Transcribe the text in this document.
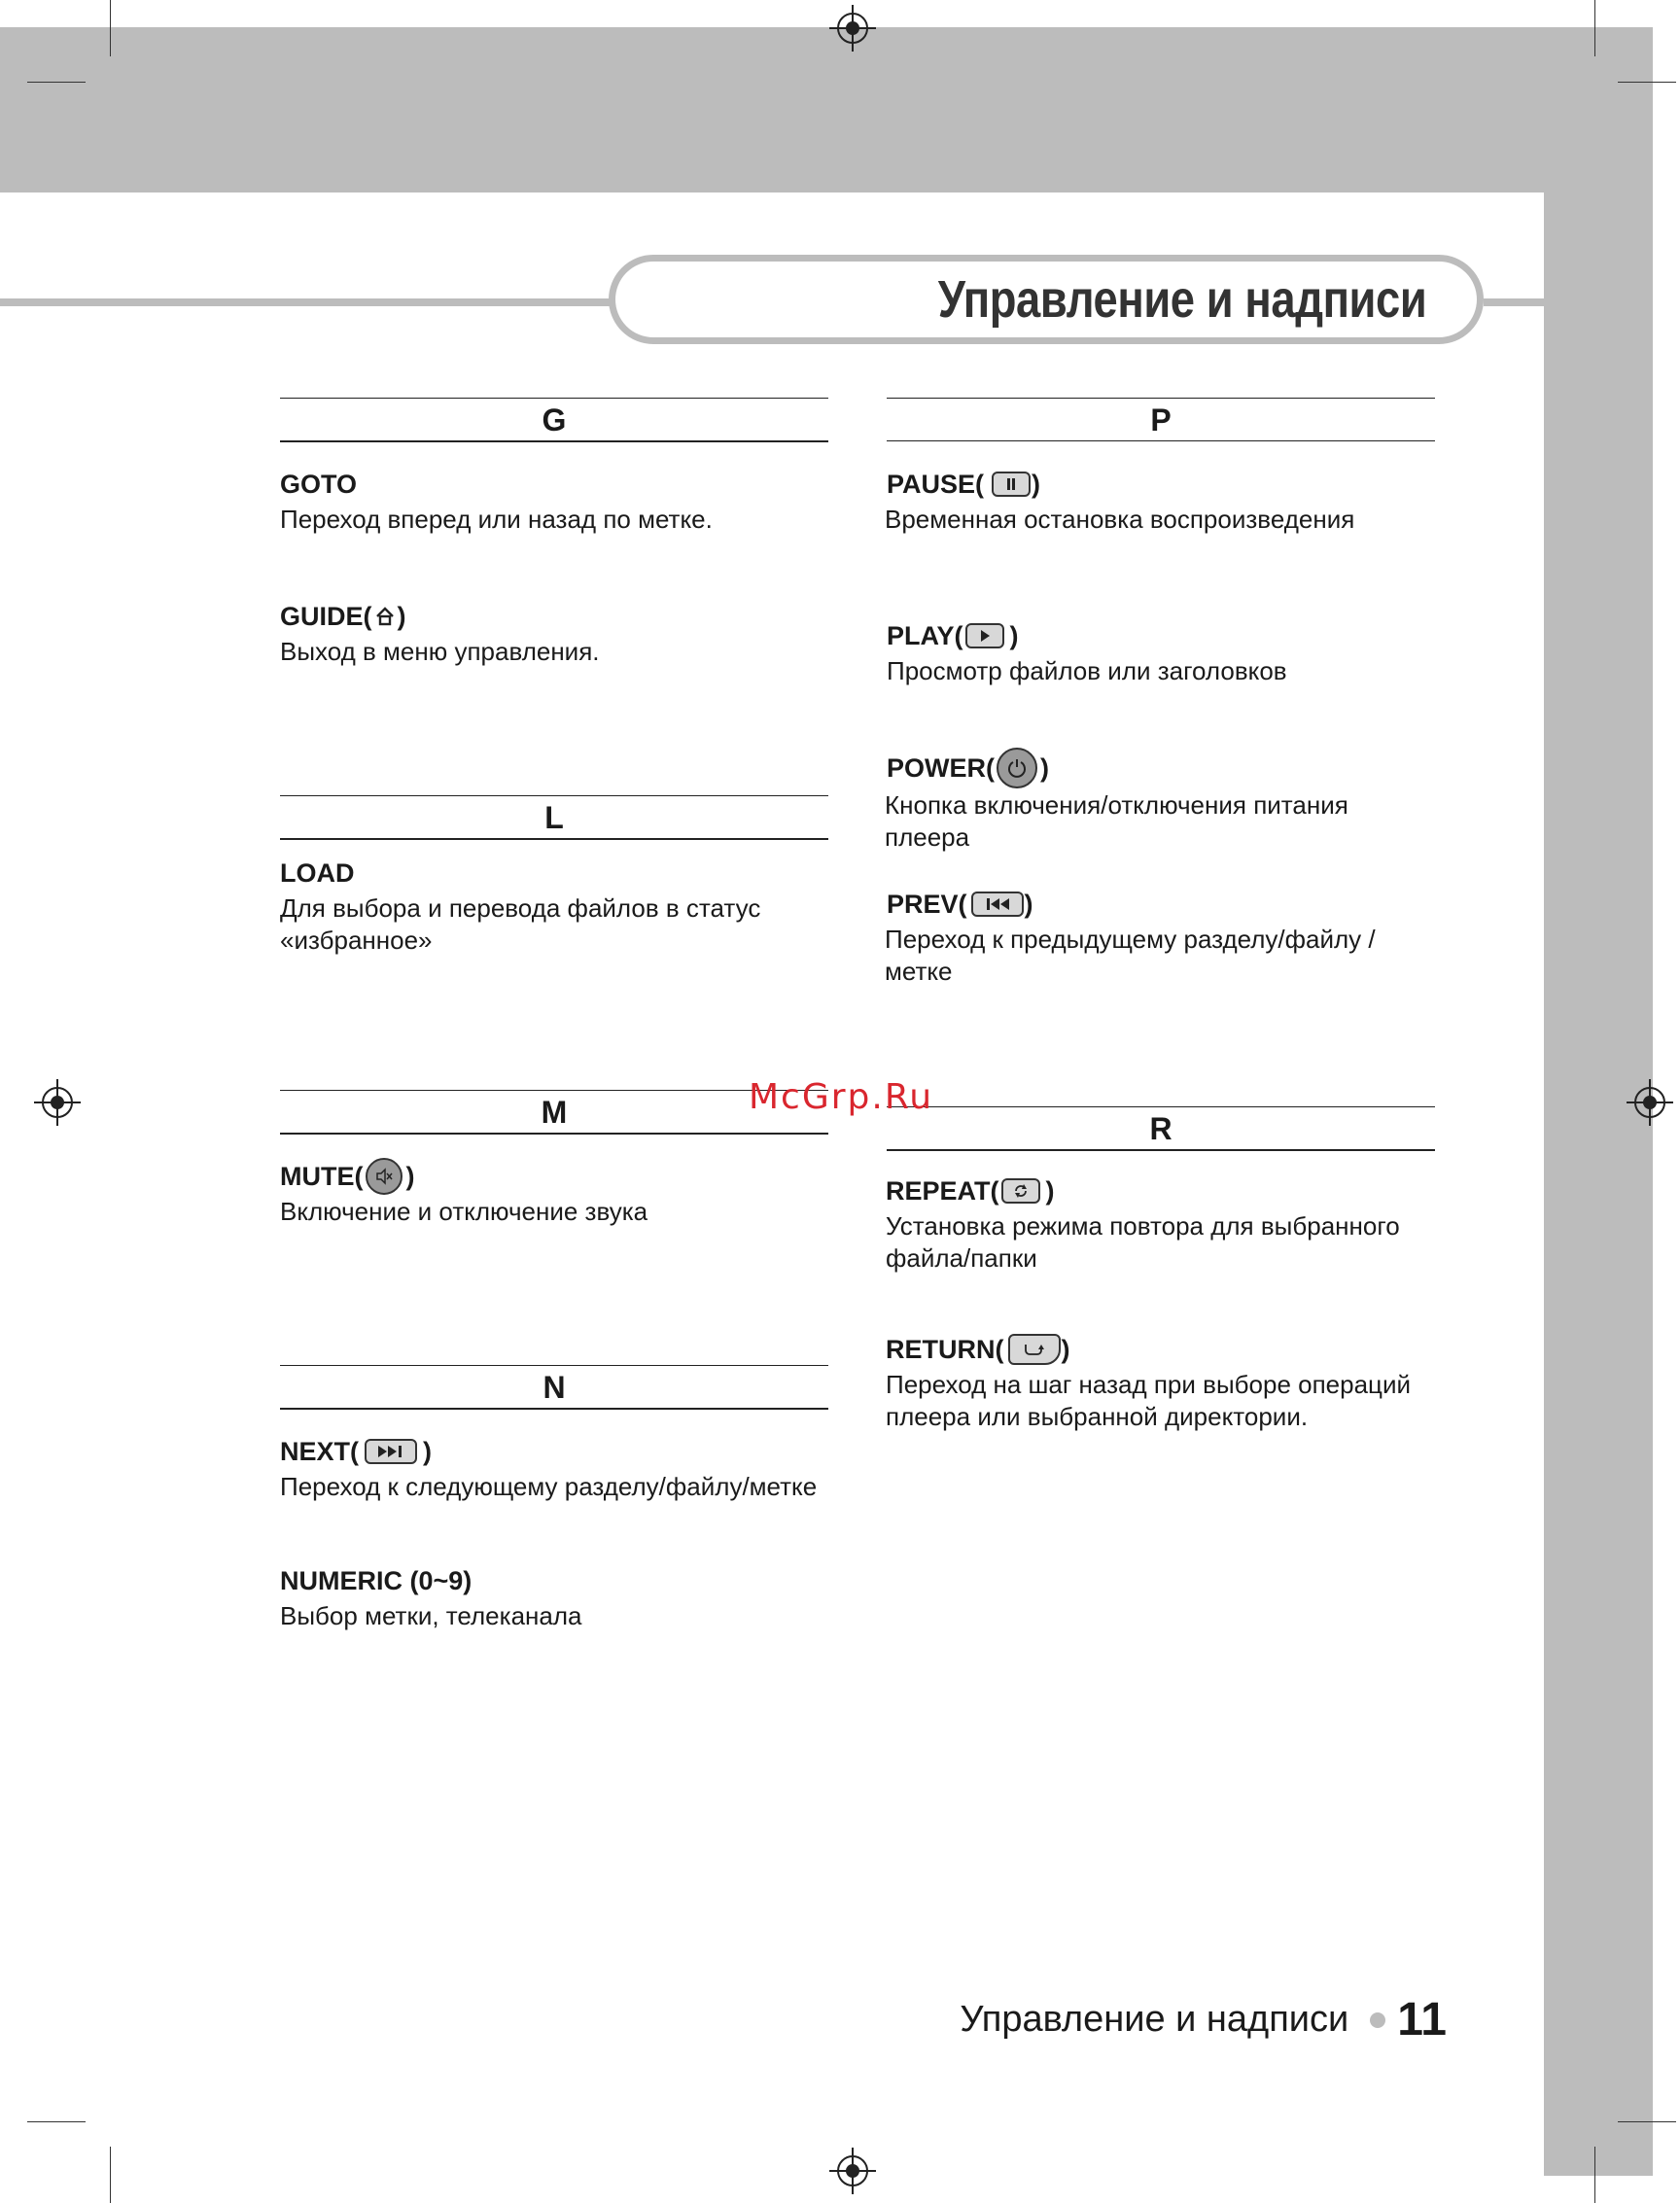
Управление и надписи
G
GOTO
Переход вперед или назад по метке.
GUIDE( )
Выход в меню управления.
L
LOAD
Для выбора и перевода файлов в статус «избранное»
M
MUTE( )
Включение и отключение звука
N
NEXT( )
Переход к следующему разделу/файлу/метке
NUMERIC (0~9)
Выбор метки, телеканала
P
PAUSE( )
Временная остановка воспроизведения
PLAY( )
Просмотр файлов или заголовков
POWER( )
Кнопка включения/отключения питания плеера
PREV( )
Переход к предыдущему разделу/файлу /метке
R
REPEAT( )
Установка режима повтора для выбранного файла/папки
RETURN( )
Переход на шаг назад при выборе операций плеера или выбранной директории.
McGrp.Ru
Управление и надписи 11
